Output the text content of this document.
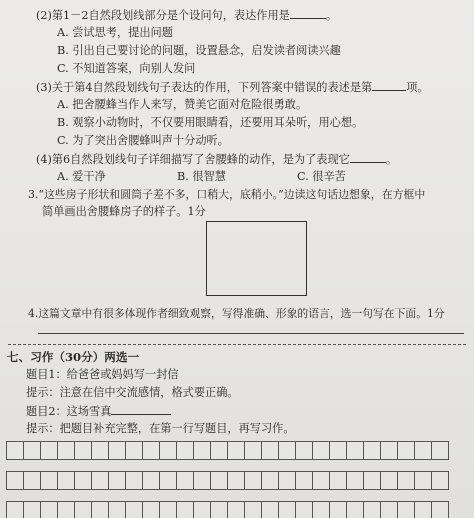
(2)第1－2自然段划线部分是个设问句，表达作用是	。
A. 尝试思考，提出问题
B. 引出自己要讨论的问题，设置悬念，启发读者阅读兴趣
C. 不知道答案，向别人发问
(3)关于第4自然段划线句子表达的作用，下列答案中错误的表述是第	项。
A. 把舍腰蜂当作人来写，赞美它面对危险很勇敢。
B. 观察小动物时，不仅要用眼睛看，还要用耳朵听，用心想。
C. 为了突出舍腰蜂叫声十分动听。
(4)第6自然段划线句子详细描写了舍腰蜂的动作，是为了表现它	。
A. 爱干净	B. 很智慧	C. 很辛苦
3.“这些房子形状和圆筒子差不多，口稍大，底稍小。”边读这句话边想象，在方框中
简单画出舍腰蜂房子的样子。1分
4.这篇文章中有很多体现作者细致观察，写得准确、形象的语言，选一句写在下面。1分
七、习作（30分）两选一
题目1：给爸爸或妈妈写一封信
提示：注意在信中交流感情，格式要正确。
题目2：这场雪真
提示：把题目补充完整，在第一行写题目，再写习作。
